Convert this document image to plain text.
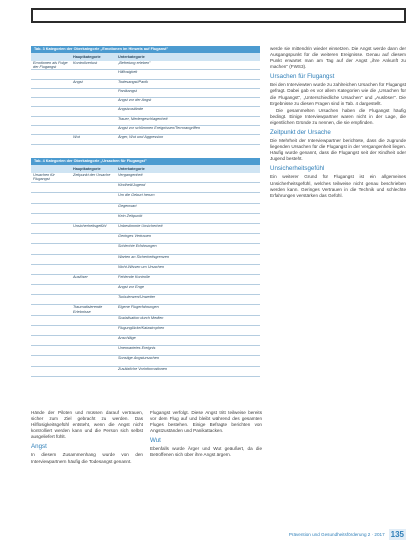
Tab. 3 Kategorien der Oberkategorie „Emotionen im Hinweis auf Fluganst"
Hauptkategorie	Unterkategorie
Emotionen als Folge der Flugangst
Kontrollverlust	„Befreiung erleben"
Hilflosigkeit
Angst	Todesangst/Panik
Panikangst
Angst vor der Angst
Angstzustände
Trauer, Niedergeschlagenheit
Angst vor schlimmen Ereignissen/Terrorangriffen
Wut	Ärger, Wut und Aggression
Tab. 4 Kategorien der Oberkategorie „Ursachen für Flugangst"
Hauptkategorie	Unterkategorie
Ursachen für Flugangst
Zeitpunkt der Ursache	Vergangenheit
Kindheit/Jugend
Um die Geburt herum
Gegenwart
Kein Zeitpunkt
Unsicherheitsgefühl	Unbestimmte Unsicherheit
Geringes Vertrauen
Schlechte Erfahrungen
Warten an Sicherheitsgrenzen
Nicht-Wissen um Ursachen
Auslöser	Fehlende Kontrolle
Angst vor Enge
Turbulenzen/Unwetter
Traumatisierende Erlebnisse
Eigene Flugerfahrungen
Sozialisation durch Medien
Flugunglücke/Katastrophen
Anschläge
Unerwartetes Ereignis
Sonstige Angstursachen
Zusätzliche Vorinformationen

werde sie mittendrin wieder einsetzen. Die Angst werde dann der Ausgangspunkt für die weiteren Ereignisse. Genau auf diesem Punkt erwartet man am Tag auf der Angst „ihre Ankunft zu machen" (FWS3).

Ursachen für Flugangst

Bei den Interviewten wurde zu zahlreichen Ursachen für Flugangst gefragt. Dabei gab es vor allem Kategorien wie die „Ursachen für die Flugangst", „Unterschiedliche Ursachen" und „Auslöser". Die Ergebnisse zu diesen Fragen sind in Tab. 4 dargestellt.

Die gesammelten Ursachen haben die Flugangst häufig bedingt. Einige Interviewpartner waren nicht in der Lage, die eigentlichen Gründe zu nennen, die sie empfinden.

Zeitpunkt der Ursache

Die Mehrheit der Interviewpartner berichtete, dass die zugrunde liegenden Ursachen für die Flugangst in der Vergangenheit liegen. Häufig wurde genannt, dass die Flugangst seit der Kindheit oder Jugend besteht.

Unsicherheitsgefühl

Ein weiterer Grund für Flugangst ist ein allgemeines Unsicherheitsgefühl, welches teilweise nicht genau beschrieben werden kann. Geringes Vertrauen in die Technik und schlechte Erfahrungen verstärken das Gefühl.

Hände der Piloten und müssen darauf vertrauen, sicher zum Ziel gebracht zu werden. Das Hilflosigkeitsgefühl entsteht, wenn die Angst nicht kontrolliert werden kann und die Person sich selbst ausgeliefert fühlt.

Angst

In diesem Zusammenhang wurde von den Interviewpartnern häufig die Todesangst genannt.

Flugangst verfolgt. Diese Angst tritt teilweise bereits vor dem Flug auf und bleibt während des gesamten Fluges bestehen. Einige Befragte berichten von Angstzuständen und Panikattacken.

Wut

Ebenfalls wurde Ärger und Wut geäußert, da die Betroffenen sich über ihre Angst ärgern.

Prävention und Gesundheitsförderung 2 · 2017 135
